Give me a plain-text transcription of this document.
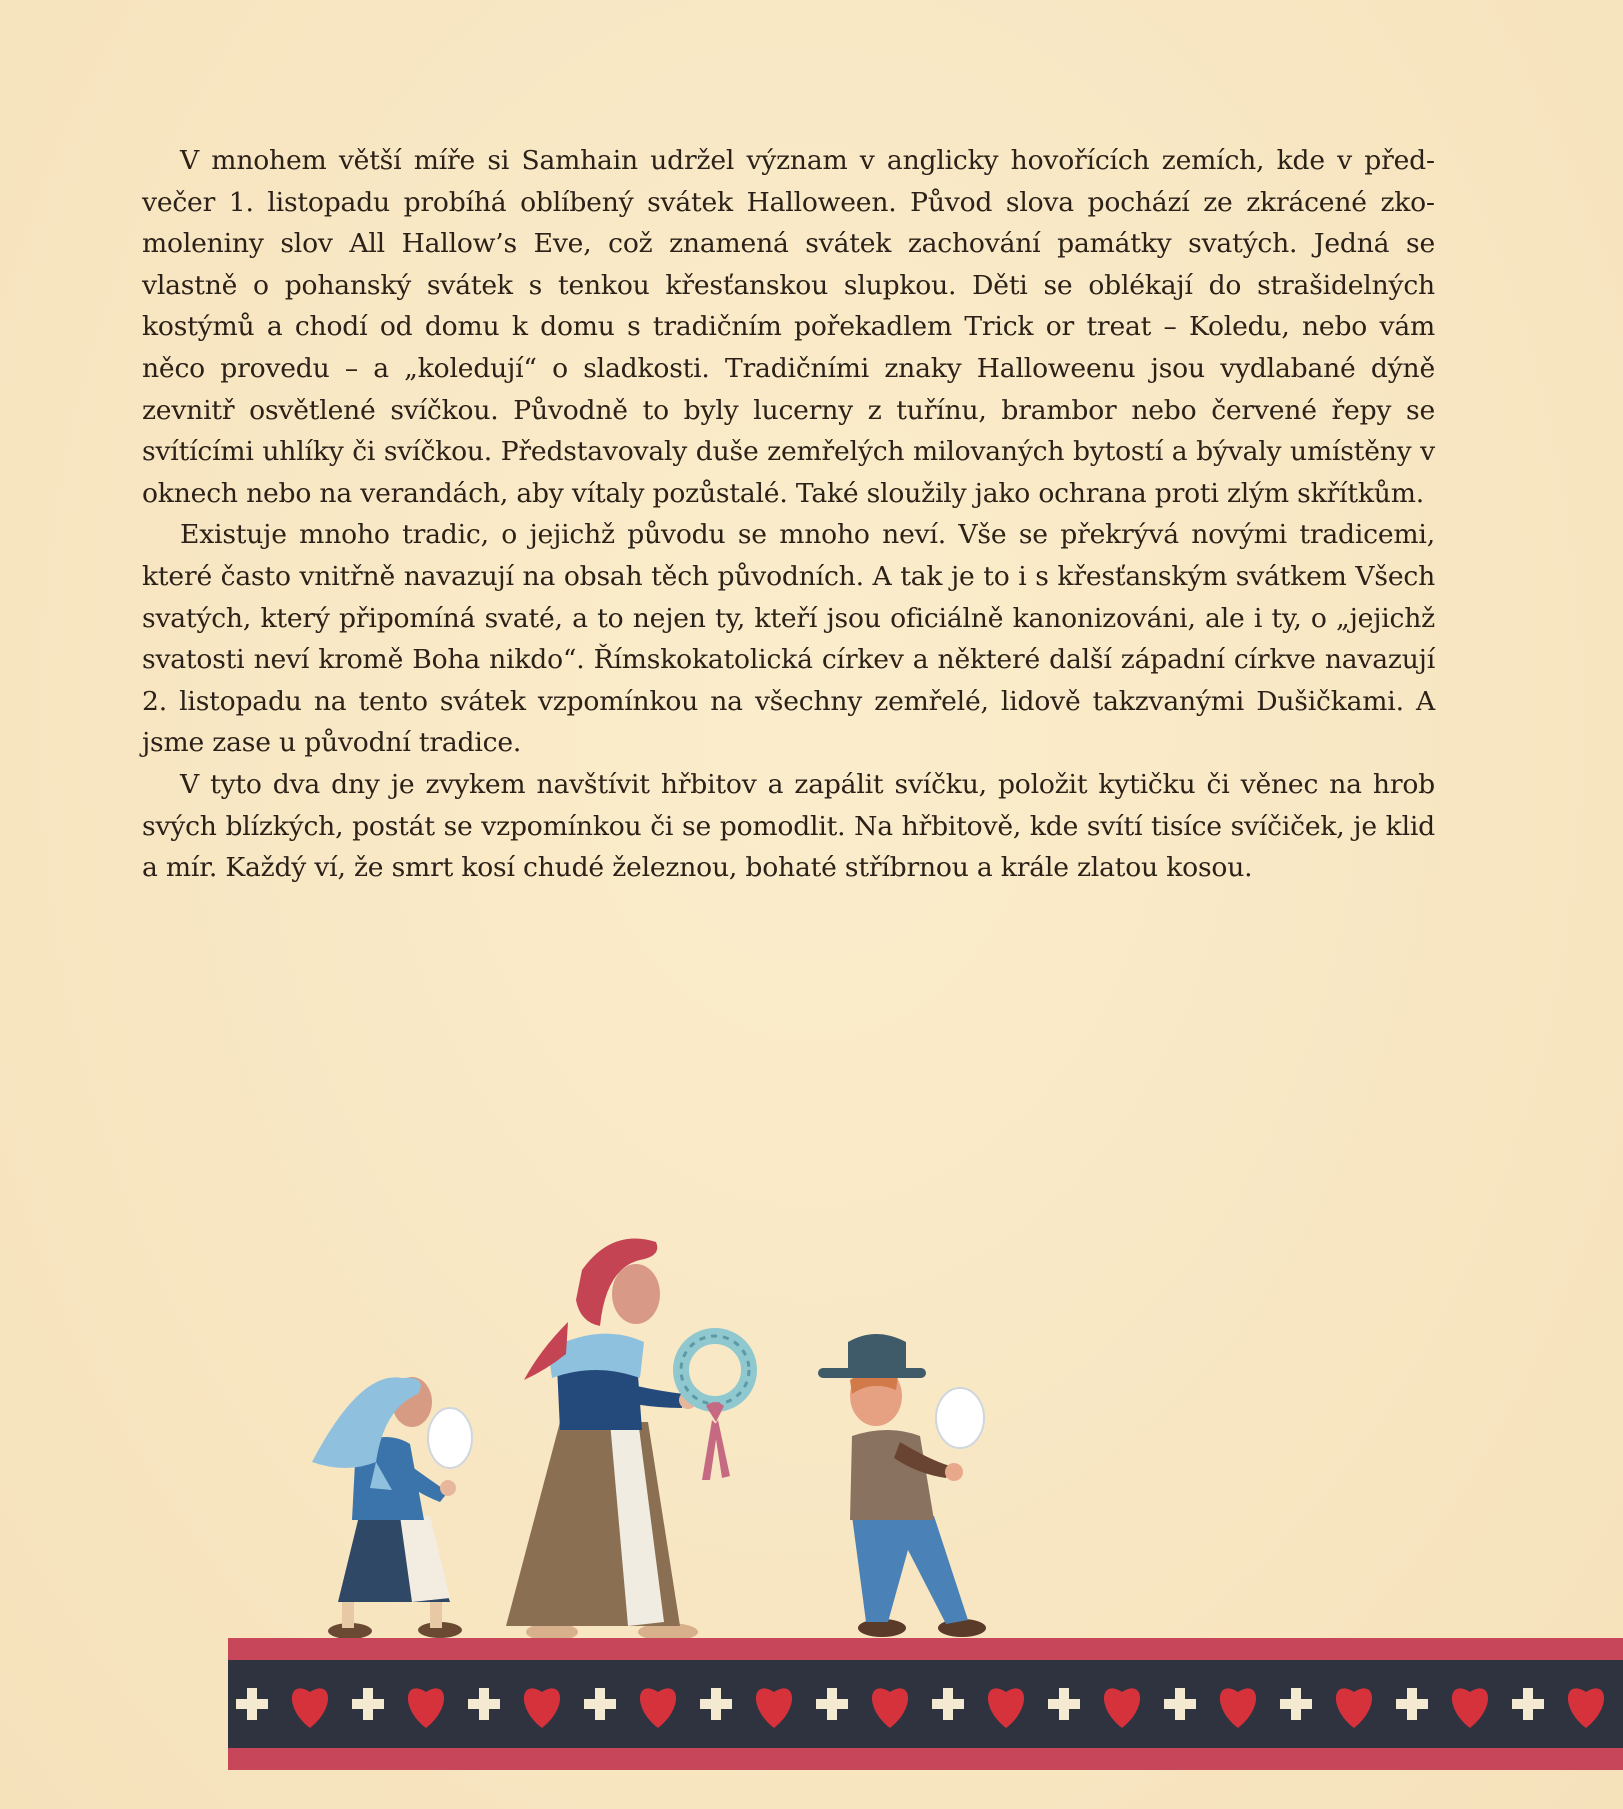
V mnohem větší míře si Samhain udržel význam v anglicky hovořících zemích, kde v předvečer 1. listopadu probíhá oblíbený svátek Halloween. Původ slova pochází ze zkrácené zkomoleniny slov All Hallow’s Eve, což znamená svátek zachování památky svatých. Jedná se vlastně o pohanský svátek s tenkou křesťanskou slupkou. Děti se oblékají do strašidelných kostýmů a chodí od domu k domu s tradičním pořekadlem Trick or treat – Koledu, nebo vám něco provedu – a „koledují“ o sladkosti. Tradičními znaky Halloweenu jsou vydlabané dýně zevnitř osvětlené svíčkou. Původně to byly lucerny z tuřínu, brambor nebo červené řepy se svítícími uhlíky či svíčkou. Představovaly duše zemřelých milovaných bytostí a bývaly umístěny v oknech nebo na verandách, aby vítaly pozůstalé. Také sloužily jako ochrana proti zlým skřítkům.

Existuje mnoho tradic, o jejichž původu se mnoho neví. Vše se překrývá novými tradicemi, které často vnitřně navazují na obsah těch původních. A tak je to i s křesťanským svátkem Všech svatých, který připomíná svaté, a to nejen ty, kteří jsou oficiálně kanonizováni, ale i ty, o „jejichž svatosti neví kromě Boha nikdo“. Římskokatolická církev a některé další západní církve navazují 2. listopadu na tento svátek vzpomínkou na všechny zemřelé, lidově takzvanými Dušičkami. A jsme zase u původní tradice.

V tyto dva dny je zvykem navštívit hřbitov a zapálit svíčku, položit kytičku či věnec na hrob svých blízkých, postát se vzpomínkou či se pomodlit. Na hřbitově, kde svítí tisíce svíčiček, je klid a mír. Každý ví, že smrt kosí chudé železnou, bohaté stříbrnou a krále zlatou kosou.
